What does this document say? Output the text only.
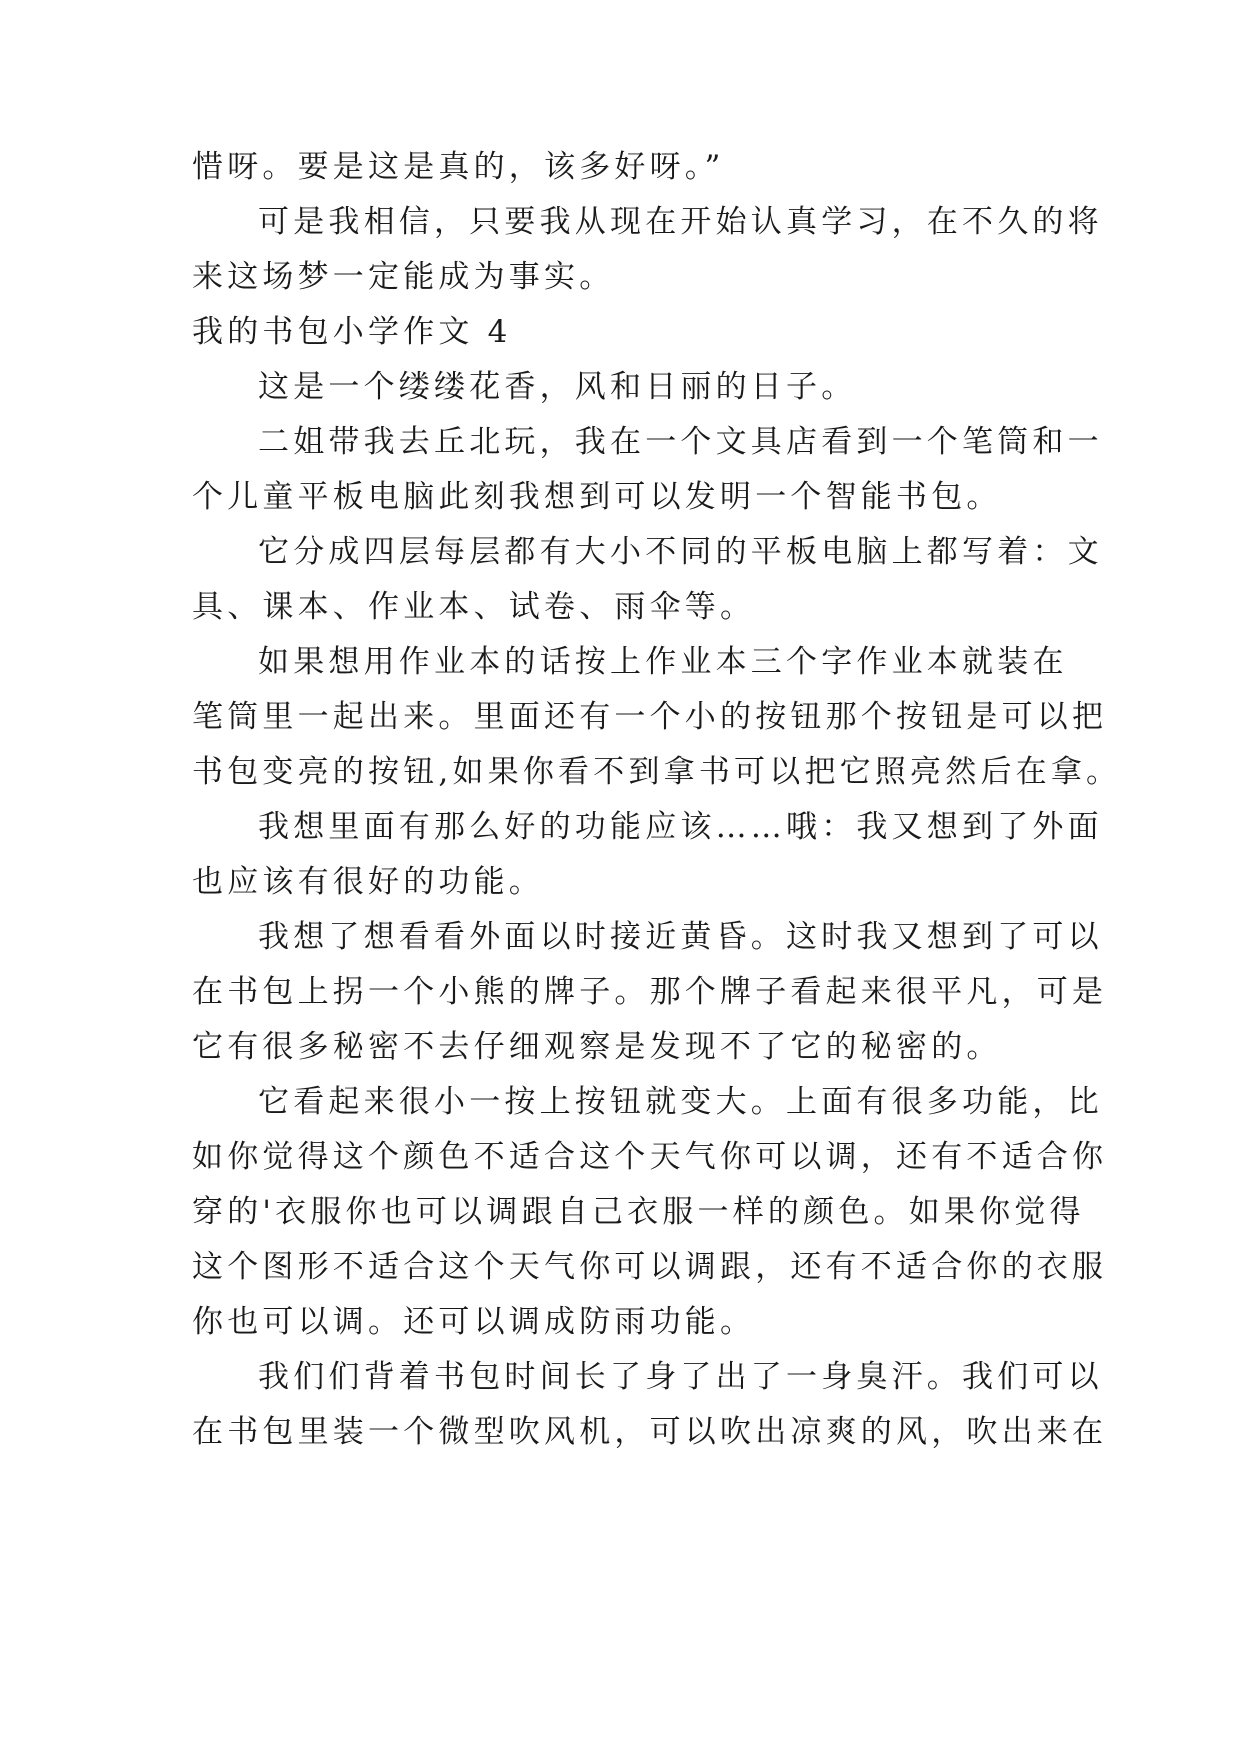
惜呀。要是这是真的，该多好呀。”
可是我相信，只要我从现在开始认真学习，在不久的将
来这场梦一定能成为事实。
我的书包小学作文 4
这是一个缕缕花香，风和日丽的日子。
二姐带我去丘北玩，我在一个文具店看到一个笔筒和一
个儿童平板电脑此刻我想到可以发明一个智能书包。
它分成四层每层都有大小不同的平板电脑上都写着：文
具、课本、作业本、试卷、雨伞等。
如果想用作业本的话按上作业本三个字作业本就装在
笔筒里一起出来。里面还有一个小的按钮那个按钮是可以把
书包变亮的按钮,如果你看不到拿书可以把它照亮然后在拿。
我想里面有那么好的功能应该……哦：我又想到了外面
也应该有很好的功能。
我想了想看看外面以时接近黄昏。这时我又想到了可以
在书包上拐一个小熊的牌子。那个牌子看起来很平凡，可是
它有很多秘密不去仔细观察是发现不了它的秘密的。
它看起来很小一按上按钮就变大。上面有很多功能，比
如你觉得这个颜色不适合这个天气你可以调，还有不适合你
穿的'衣服你也可以调跟自己衣服一样的颜色。如果你觉得
这个图形不适合这个天气你可以调跟，还有不适合你的衣服
你也可以调。还可以调成防雨功能。
我们们背着书包时间长了身了出了一身臭汗。我们可以
在书包里装一个微型吹风机，可以吹出凉爽的风，吹出来在
